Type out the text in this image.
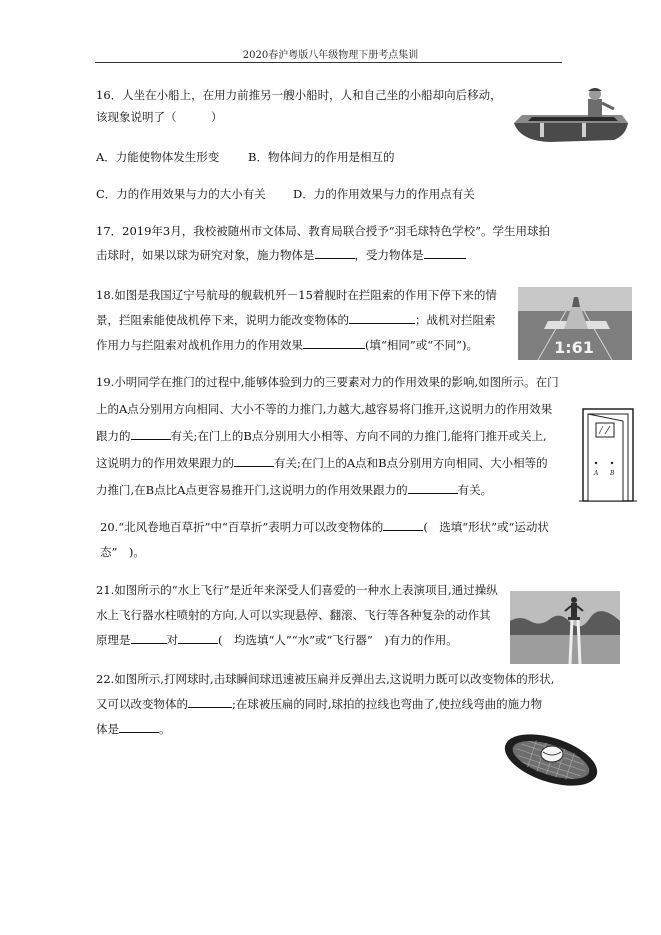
2020春沪粤版八年级物理下册考点集训
16．人坐在小船上，在用力前推另一艘小船时，人和自己坐的小船却向后移动，
该现象说明了（　　　）
A．力能使物体发生形变 B．物体间力的作用是相互的
C．力的作用效果与力的大小有关 D．力的作用效果与力的作用点有关
17．2019年3月，我校被随州市文体局、教育局联合授予“羽毛球特色学校”。学生用球拍
击球时，如果以球为研究对象，施力物体是	，受力物体是
18.如图是我国辽宁号航母的舰载机歼－15着舰时在拦阻索的作用下停下来的情
景，拦阻索能使战机停下来，说明力能改变物体的	；战机对拦阻索
作用力与拦阻索对战机作用力的作用效果	(填“相同”或“不同”)。	1:61
19.小明同学在推门的过程中,能够体验到力的三要素对力的作用效果的影响,如图所示。在门
上的A点分别用方向相同、大小不等的力推门,力越大,越容易将门推开,这说明力的作用效果
跟力的	有关;在门上的B点分别用大小相等、方向不同的力推门,能将门推开或关上,
这说明力的作用效果跟力的	有关;在门上的A点和B点分别用方向相同、大小相等的
力推门,在B点比A点更容易推开门,这说明力的作用效果跟力的	有关。
A B
20.“北风卷地百草折”中“百草折”表明力可以改变物体的	(　选填“形状”或“运动状
态”　)。
21.如图所示的“水上飞行”是近年来深受人们喜爱的一种水上表演项目,通过操纵
水上飞行器水柱喷射的方向,人可以实现悬停、翻滚、飞行等各种复杂的动作其
原理是	对	(　均选填“人”“水”或“飞行器”　)有力的作用。
22.如图所示,打网球时,击球瞬间球迅速被压扁并反弹出去,这说明力既可以改变物体的形状,
又可以改变物体的	;在球被压扁的同时,球拍的拉线也弯曲了,使拉线弯曲的施力物
体是	。
